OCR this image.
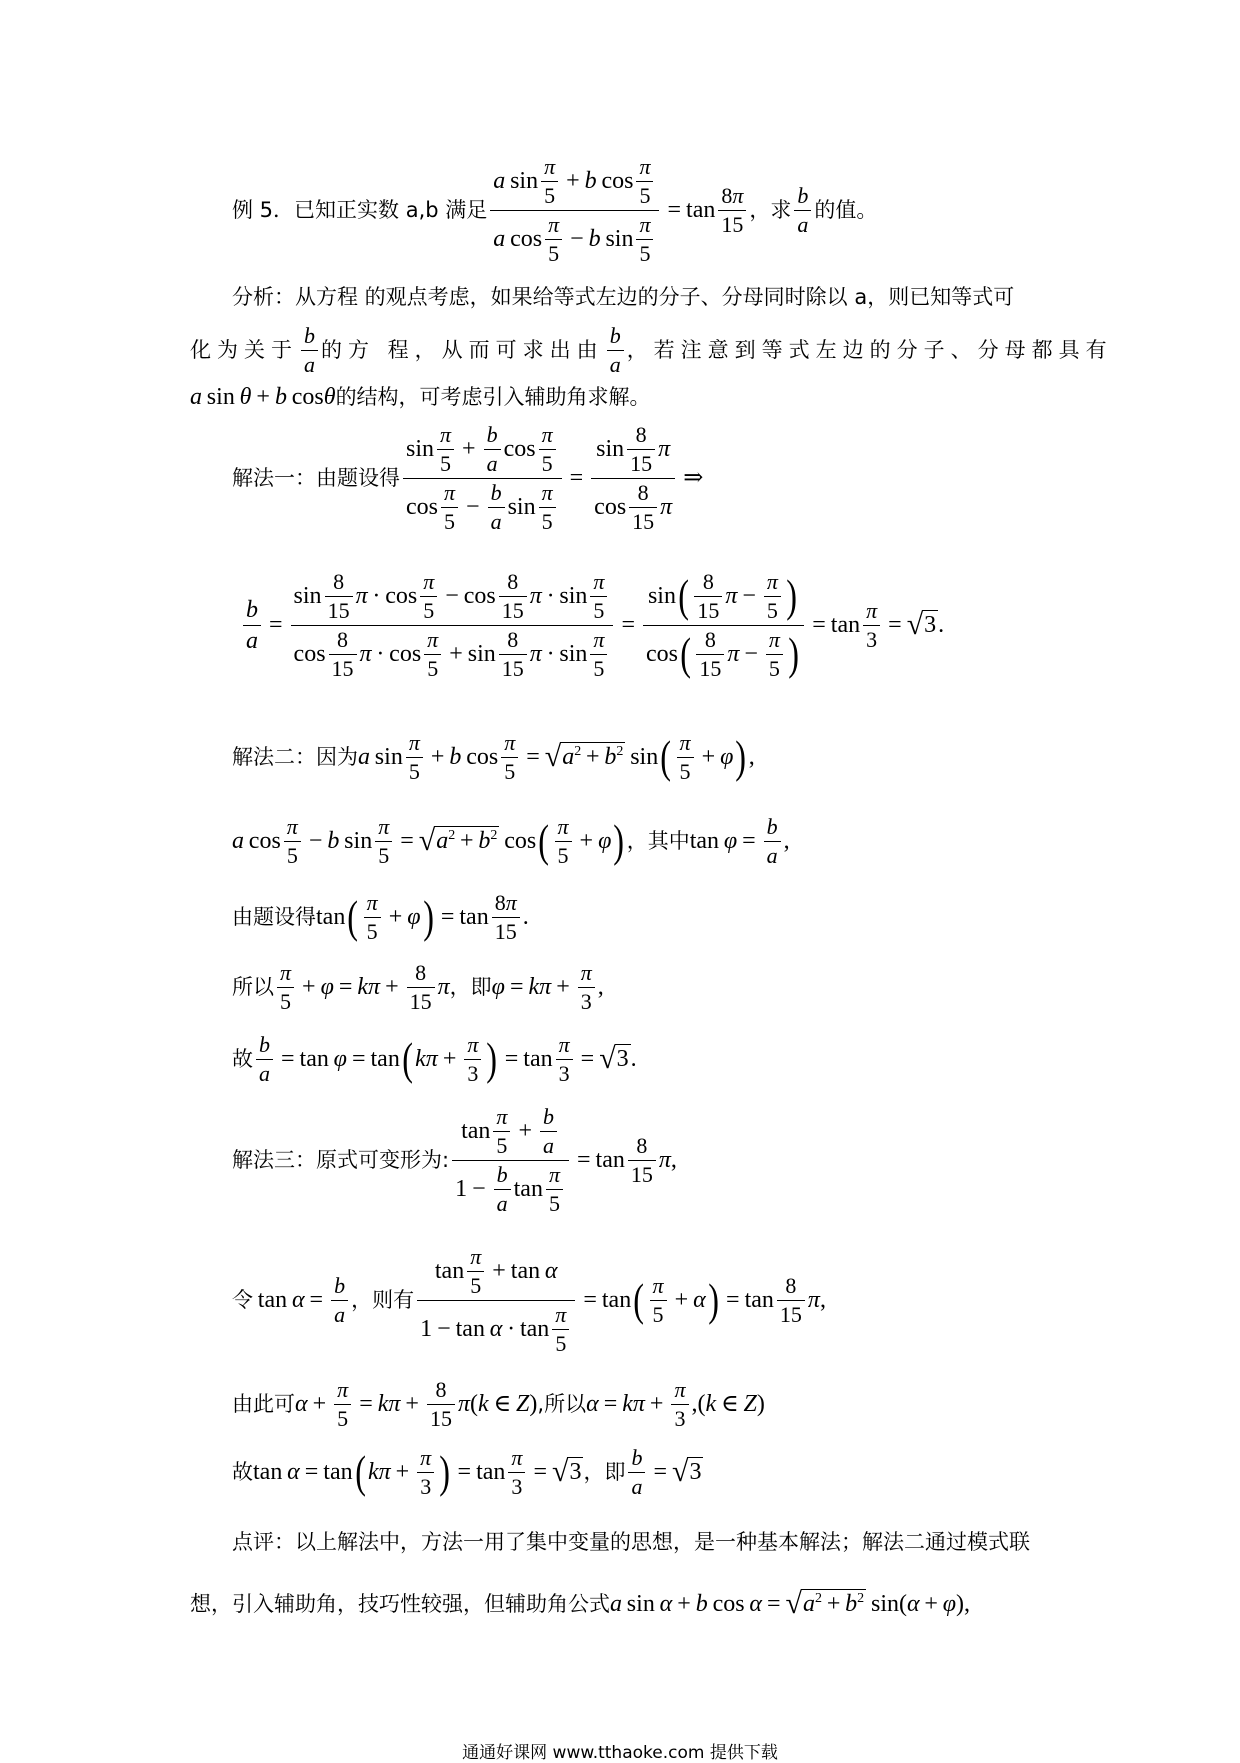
例 5．已知正实数 a,b 满足
a  sin
π
5
+ b  cos
π
5
a  cos
π
5
− b  sin
π
5
= tan
8 π
15
，求
b
a
的值。
分析：从方程 的观点考虑，如果给等式左边的分子、分母同时除以 a，则已知等式可
化为关于
b
a
的方 程，从而可求出由
b
a
，若注意到等式左边的分子、分母都具有
a sin θ + b cosθ 的结构，可考虑引入辅助角求解。
解法一：由题设得
sin
π
5
+
b
a
cos
π
5
cos
π
5
−
b
a
sin
π
5
=
sin
8
15
π
cos
8
15
π
⇒
b
a
=
sin
8
15
π  · cos
π
5
− cos
8
15
π  · sin
π
5
cos
8
15
π  · cos
π
5
+ sin
8
15
π  · sin
π
5
=
sin ( 8
15
π −
π
5 )
cos ( 8
15
π −
π
5 )
= tan
π
3
= √ 3 .
解法二：因为 a sin
π
5
+ b cos
π
5
= √ $a^2 + b^2$  sin ( π
5
+ φ ) ,
a cos
π
5
− b sin
π
5
= √ $a^2 + b^2$  cos ( π
5
+ φ ) ，其中 tan φ =
b
a
,
由题设得 tan ( π
5
+ φ ) = tan
8 π
15
.
所以
π
5
+ φ = kπ +
8
15
π ，即 φ = kπ +
π
3
,
故
b
a
= tan φ = tan ( kπ +
π
3 ) = tan
π
3
= √ 3 .
解法三：原式可变形为:
tan
π
5
+
b
a
1 −
b
a
tan
π
5
= tan
8
15
π ,
令  tan α =
b
a
，则有
tan
π
5
+ tan  α
1 − tan  α  · tan
π
5
= tan ( π
5
+ α ) = tan
8
15
π ,
由此可 α +
π
5
= kπ +
8
15
π(k ∈ Z) ,所以 α = kπ +
π
3
,(k ∈ Z)
故 tan α = tan ( kπ +
π
3 ) = tan
π
3
= √ 3 ，即
b
a
= √ 3
点评：以上解法中，方法一用了集中变量的思想，是一种基本解法；解法二通过模式联
想，引入辅助角，技巧性较强，但辅助角公式 a sin α + b cos α = √ $a^2 + b^2$  sin(α + φ),
通通好课网 www.tthaoke.com 提供下载
